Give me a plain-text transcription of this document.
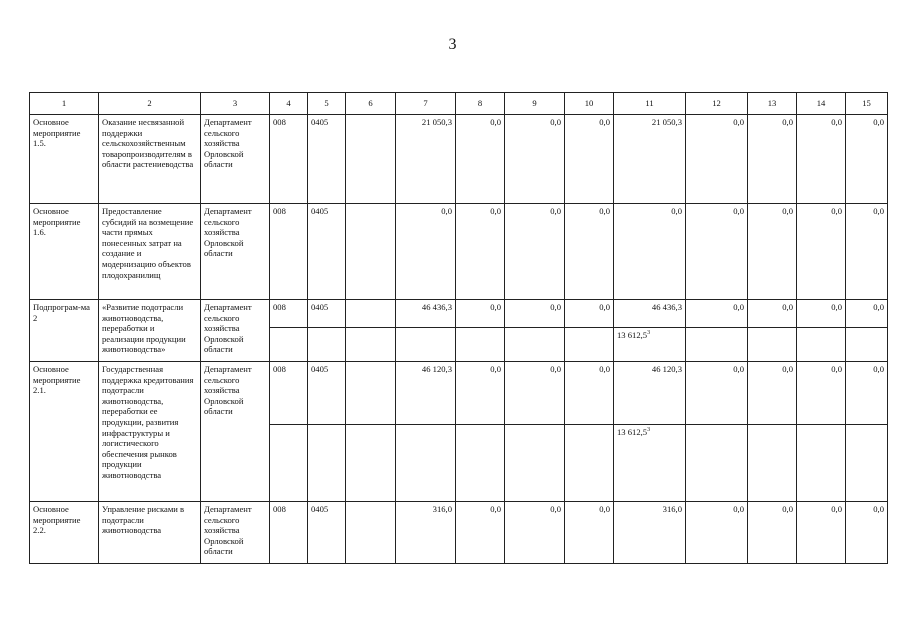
3
1	2	3	4	5	6	7	8	9	10	11	12	13	14	15
Основное мероприятие 1.5.	Оказание несвязанной поддержки сельскохозяйственным товаропроизводителям в области растениеводства	Департамент сельского хозяйства Орловской области	008	0405		21 050,3	0,0	0,0	0,0	21 050,3	0,0	0,0	0,0	0,0
Основное мероприятие 1.6.	Предоставление субсидий на возмещение части прямых понесенных затрат на создание и модернизацию объектов плодохранилищ	Департамент сельского хозяйства Орловской области	008	0405		0,0	0,0	0,0	0,0	0,0	0,0	0,0	0,0	0,0
Подпрограм-ма 2	«Развитие подотрасли животноводства, переработки и реализации продукции животноводства»	Департамент сельского хозяйства Орловской области	008	0405		46 436,3	0,0	0,0	0,0	46 436,3	0,0	0,0	0,0	0,0
										13 612,5$^3$				
Основное мероприятие 2.1.	Государственная поддержка кредитования подотрасли животноводства, переработки ее продукции, развития инфраструктуры и логистического обеспечения рынков продукции животноводства	Департамент сельского хозяйства Орловской области	008	0405		46 120,3	0,0	0,0	0,0	46 120,3	0,0	0,0	0,0	0,0
										13 612,5$^3$				
Основное мероприятие 2.2.	Управление рисками в подотрасли животноводства	Департамент сельского хозяйства Орловской области	008	0405		316,0	0,0	0,0	0,0	316,0	0,0	0,0	0,0	0,0
